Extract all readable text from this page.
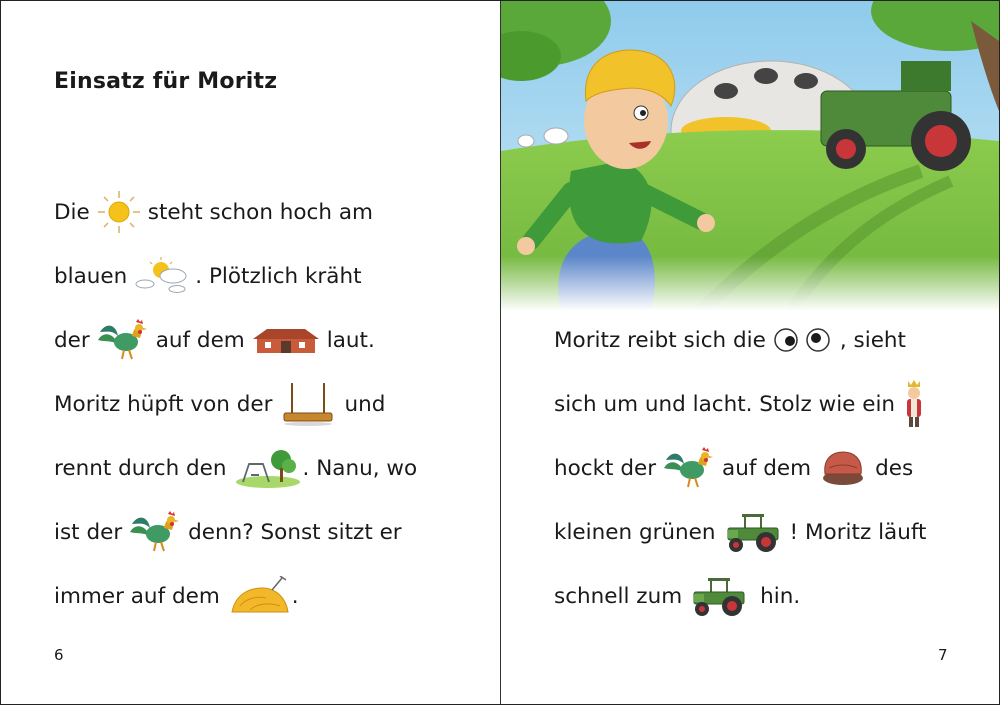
Einsatz für Moritz
Die	steht schon hoch am
blauen	. Plötzlich kräht
der	auf dem	laut.
Moritz hüpft von der	und
rennt durch den	. Nanu, wo
ist der	denn? Sonst sitzt er
immer auf dem	.
6
Moritz reibt sich die	, sieht
sich um und lacht. Stolz wie ein
hockt der	auf dem	des
kleinen grünen	! Moritz läuft
schnell zum	hin.
7
